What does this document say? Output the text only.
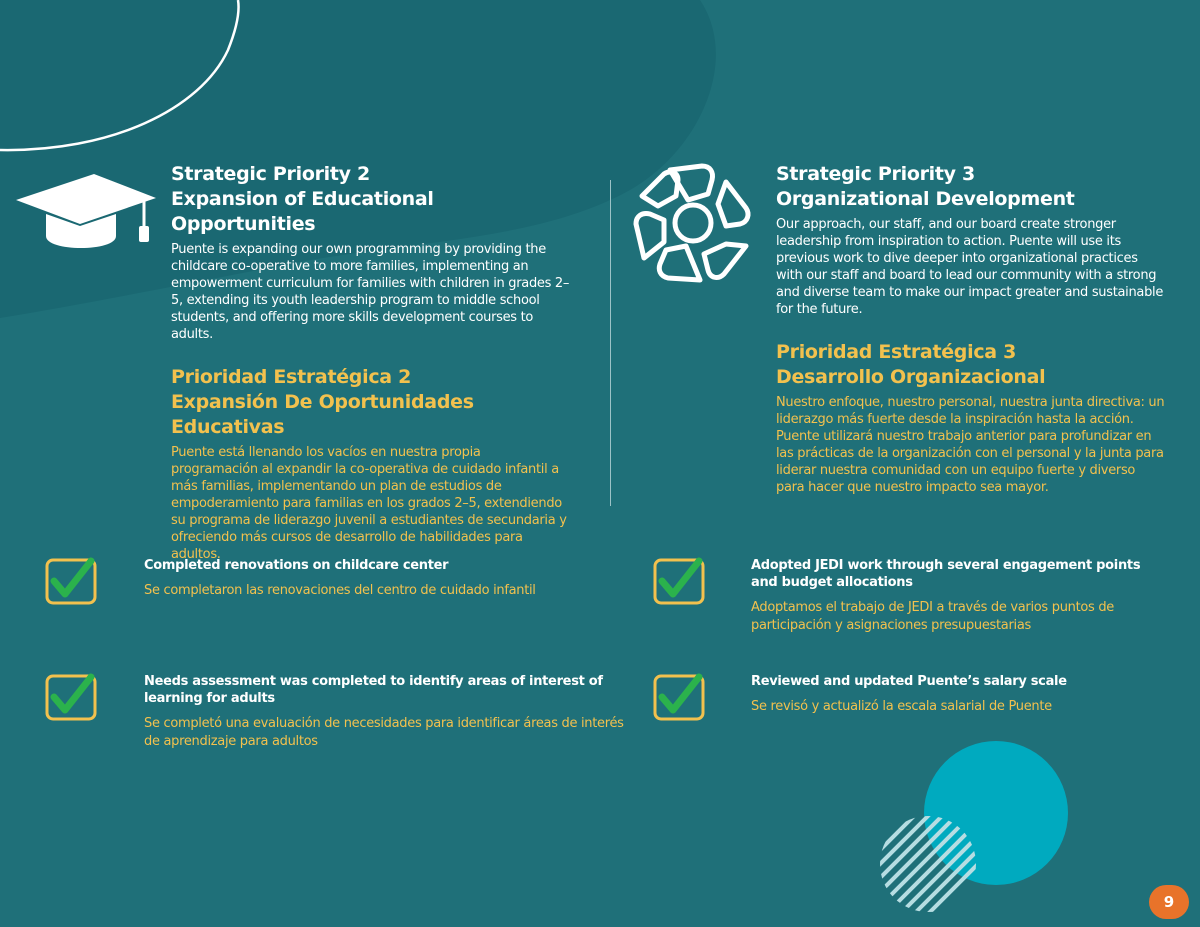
Strategic Priority 2
Expansion of Educational Opportunities

Puente is expanding our own programming by providing the childcare co-operative to more families, implementing an empowerment curriculum for families with children in grades 2–5, extending its youth leadership program to middle school students, and offering more skills development courses to adults.

Prioridad Estratégica 2
Expansión De Oportunidades Educativas

Puente está llenando los vacíos en nuestra propia programación al expandir la co-operativa de cuidado infantil a más familias, implementando un plan de estudios de empoderamiento para familias en los grados 2–5, extendiendo su programa de liderazgo juvenil a estudiantes de secundaria y ofreciendo más cursos de desarrollo de habilidades para adultos.

Strategic Priority 3
Organizational Development

Our approach, our staff, and our board create stronger leadership from inspiration to action. Puente will use its previous work to dive deeper into organizational practices with our staff and board to lead our community with a strong and diverse team to make our impact greater and sustainable for the future.

Prioridad Estratégica 3
Desarrollo Organizacional

Nuestro enfoque, nuestro personal, nuestra junta directiva: un liderazgo más fuerte desde la inspiración hasta la acción. Puente utilizará nuestro trabajo anterior para profundizar en las prácticas de la organización con el personal y la junta para liderar nuestra comunidad con un equipo fuerte y diverso para hacer que nuestro impacto sea mayor.

Completed renovations on childcare center

Se completaron las renovaciones del centro de cuidado infantil

Needs assessment was completed to identify areas of interest of learning for adults

Se completó una evaluación de necesidades para identificar áreas de interés de aprendizaje para adultos

Adopted JEDI work through several engagement points and budget allocations

Adoptamos el trabajo de JEDI a través de varios puntos de participación y asignaciones presupuestarias

Reviewed and updated Puente’s salary scale

Se revisó y actualizó la escala salarial de Puente

9
